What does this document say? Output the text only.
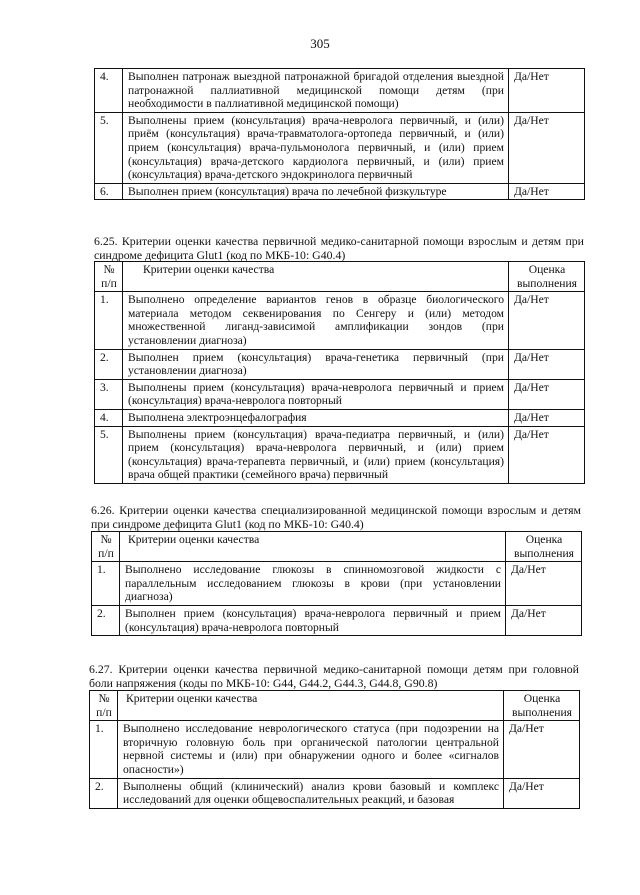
305
4.	Выполнен патронаж выездной патронажной бригадой отделения выездной патронажной паллиативной медицинской помощи детям (при необходимости в паллиативной медицинской помощи)	Да/Нет
5.	Выполнены прием (консультация) врача-невролога первичный, и (или) приём (консультация) врача-травматолога-ортопеда первичный, и (или) прием (консультация) врача-пульмонолога первичный, и (или) прием (консультация) врача-детского кардиолога первичный, и (или) прием (консультация) врача-детского эндокринолога первичный	Да/Нет
6.	Выполнен прием (консультация) врача по лечебной физкультуре	Да/Нет
6.25. Критерии оценки качества первичной медико-санитарной помощи взрослым и детям при синдроме дефицита Glut1 (код по МКБ-10: G40.4)
№ п/п	Критерии оценки качества	Оценка выполнения
1.	Выполнено определение вариантов генов в образце биологического материала методом секвенирования по Сенгеру и (или) методом множественной лиганд-зависимой амплификации зондов (при установлении диагноза)	Да/Нет
2.	Выполнен прием (консультация) врача-генетика первичный (при установлении диагноза)	Да/Нет
3.	Выполнены прием (консультация) врача-невролога первичный и прием (консультация) врача-невролога повторный	Да/Нет
4.	Выполнена электроэнцефалография	Да/Нет
5.	Выполнены прием (консультация) врача-педиатра первичный, и (или) прием (консультация) врача-невролога первичный, и (или) прием (консультация) врача-терапевта первичный, и (или) прием (консультация) врача общей практики (семейного врача) первичный	Да/Нет
6.26. Критерии оценки качества специализированной медицинской помощи взрослым и детям при синдроме дефицита Glut1 (код по МКБ-10: G40.4)
№ п/п	Критерии оценки качества	Оценка выполнения
1.	Выполнено исследование глюкозы в спинномозговой жидкости с параллельным исследованием глюкозы в крови (при установлении диагноза)	Да/Нет
2.	Выполнен прием (консультация) врача-невролога первичный и прием (консультация) врача-невролога повторный	Да/Нет
6.27. Критерии оценки качества первичной медико-санитарной помощи детям при головной боли напряжения (коды по МКБ-10: G44, G44.2, G44.3, G44.8, G90.8)
№ п/п	Критерии оценки качества	Оценка выполнения
1.	Выполнено исследование неврологического статуса (при подозрении на вторичную головную боль при органической патологии центральной нервной системы и (или) при обнаружении одного и более «сигналов опасности»)	Да/Нет
2.	Выполнены общий (клинический) анализ крови базовый и комплекс исследований для оценки общевоспалительных реакций, и базовая	Да/Нет
